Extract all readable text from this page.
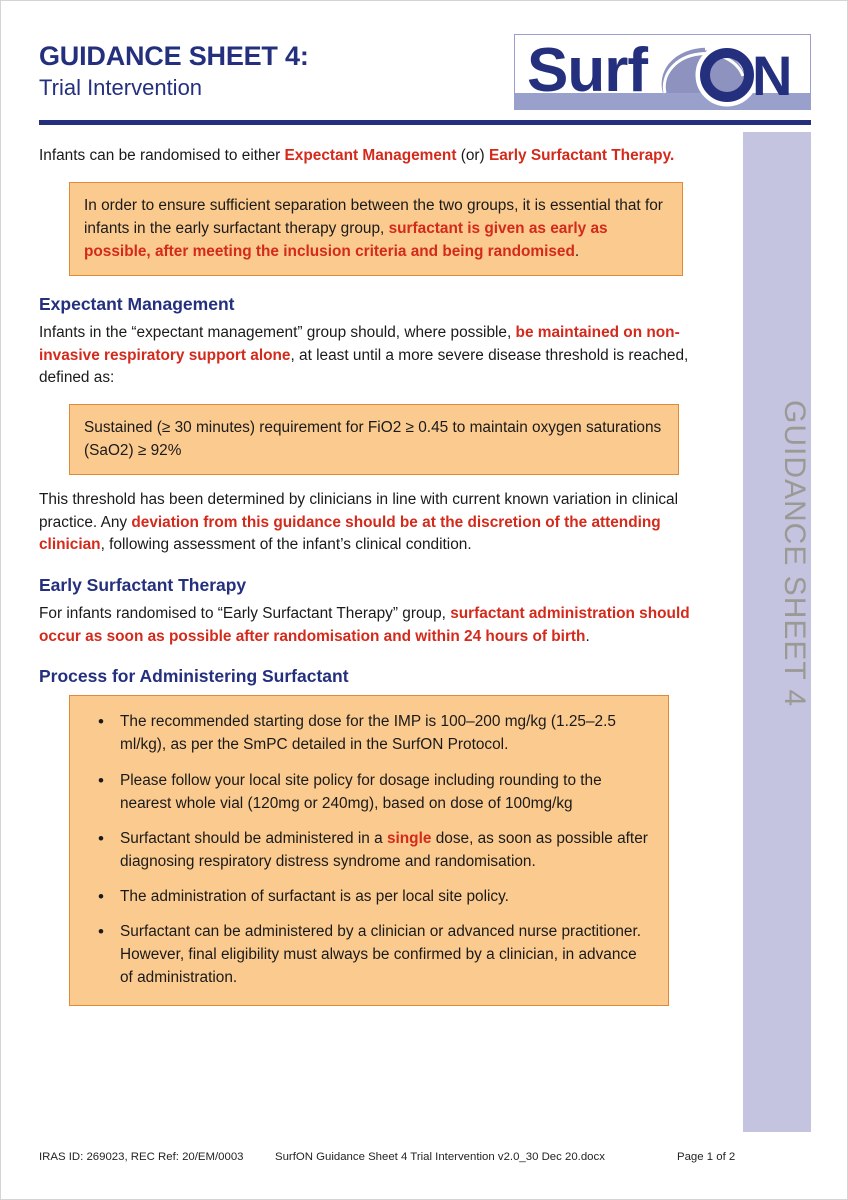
GUIDANCE SHEET 4:
Trial Intervention	Surf N
GUIDANCE SHEET 4

Infants can be randomised to either Expectant Management (or) Early Surfactant Therapy.

In order to ensure sufficient separation between the two groups, it is essential that for infants in the early surfactant therapy group, surfactant is given as early as possible, after meeting the inclusion criteria and being randomised.

Expectant Management

Infants in the “expectant management” group should, where possible, be maintained on non-invasive respiratory support alone, at least until a more severe disease threshold is reached, defined as:

Sustained (≥ 30 minutes) requirement for FiO2 ≥ 0.45 to maintain oxygen saturations (SaO2) ≥ 92%

This threshold has been determined by clinicians in line with current known variation in clinical practice. Any deviation from this guidance should be at the discretion of the attending clinician, following assessment of the infant’s clinical condition.

Early Surfactant Therapy

For infants randomised to “Early Surfactant Therapy” group, surfactant administration should occur as soon as possible after randomisation and within 24 hours of birth.

Process for Administering Surfactant
• The recommended starting dose for the IMP is 100–200 mg/kg (1.25–2.5 ml/kg), as per the SmPC detailed in the SurfON Protocol.
• Please follow your local site policy for dosage including rounding to the nearest whole vial (120mg or 240mg), based on dose of 100mg/kg
• Surfactant should be administered in a single dose, as soon as possible after diagnosing respiratory distress syndrome and randomisation.
• The administration of surfactant is as per local site policy.
• Surfactant can be administered by a clinician or advanced nurse practitioner. However, final eligibility must always be confirmed by a clinician, in advance of administration.
IRAS ID: 269023, REC Ref: 20/EM/0003	SurfON Guidance Sheet 4 Trial Intervention v2.0_30 Dec 20.docx	Page 1 of 2
